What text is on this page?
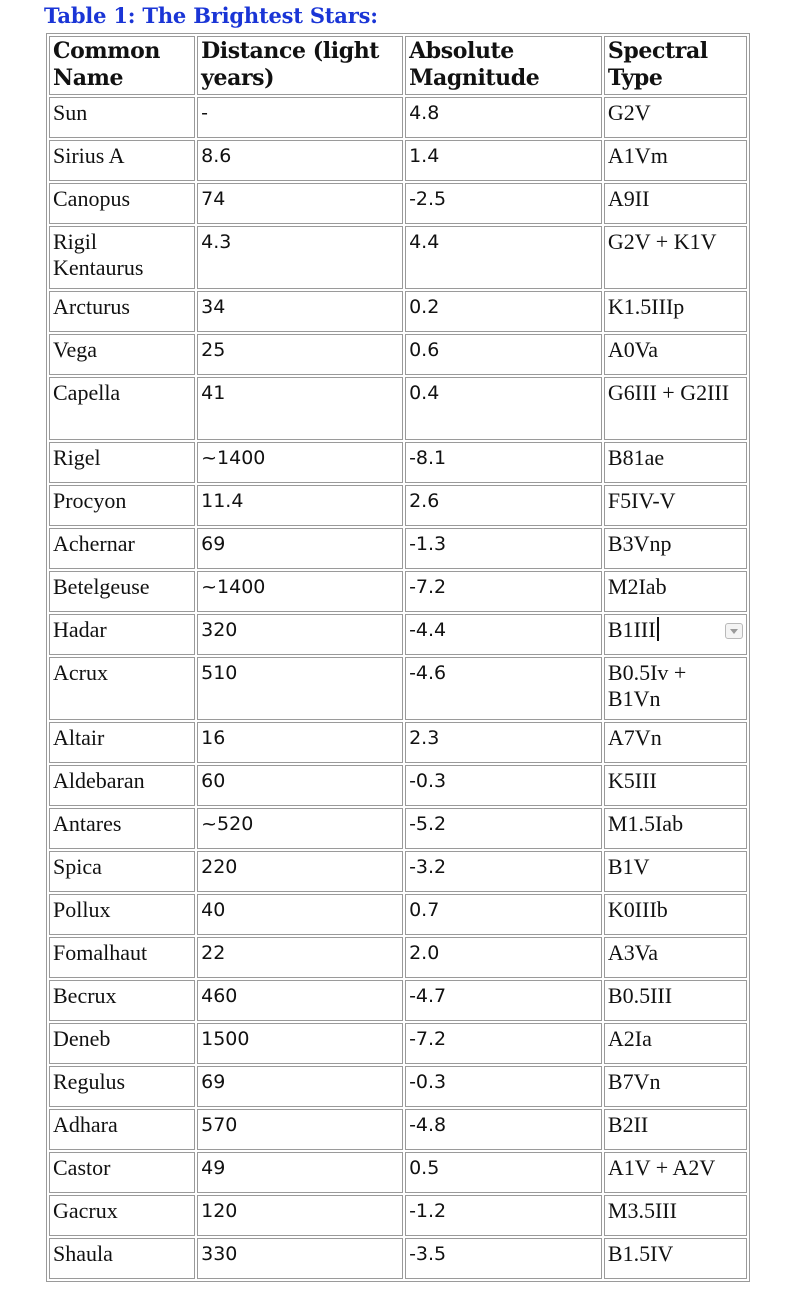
Table 1: The Brightest Stars:
Common Name	Distance (light years)	Absolute Magnitude	Spectral Type
Sun	-	4.8	G2V
Sirius A	8.6	1.4	A1Vm
Canopus	74	-2.5	A9II
Rigil Kentaurus	4.3	4.4	G2V + K1V
Arcturus	34	0.2	K1.5IIIp
Vega	25	0.6	A0Va
Capella	41	0.4	G6III + G2III
Rigel	~1400	-8.1	B81ae
Procyon	11.4	2.6	F5IV-V
Achernar	69	-1.3	B3Vnp
Betelgeuse	~1400	-7.2	M2Iab
Hadar	320	-4.4	B1III

Acrux	510	-4.6	B0.5Iv + B1Vn
Altair	16	2.3	A7Vn
Aldebaran	60	-0.3	K5III
Antares	~520	-5.2	M1.5Iab
Spica	220	-3.2	B1V
Pollux	40	0.7	K0IIIb
Fomalhaut	22	2.0	A3Va
Becrux	460	-4.7	B0.5III
Deneb	1500	-7.2	A2Ia
Regulus	69	-0.3	B7Vn
Adhara	570	-4.8	B2II
Castor	49	0.5	A1V + A2V
Gacrux	120	-1.2	M3.5III
Shaula	330	-3.5	B1.5IV
